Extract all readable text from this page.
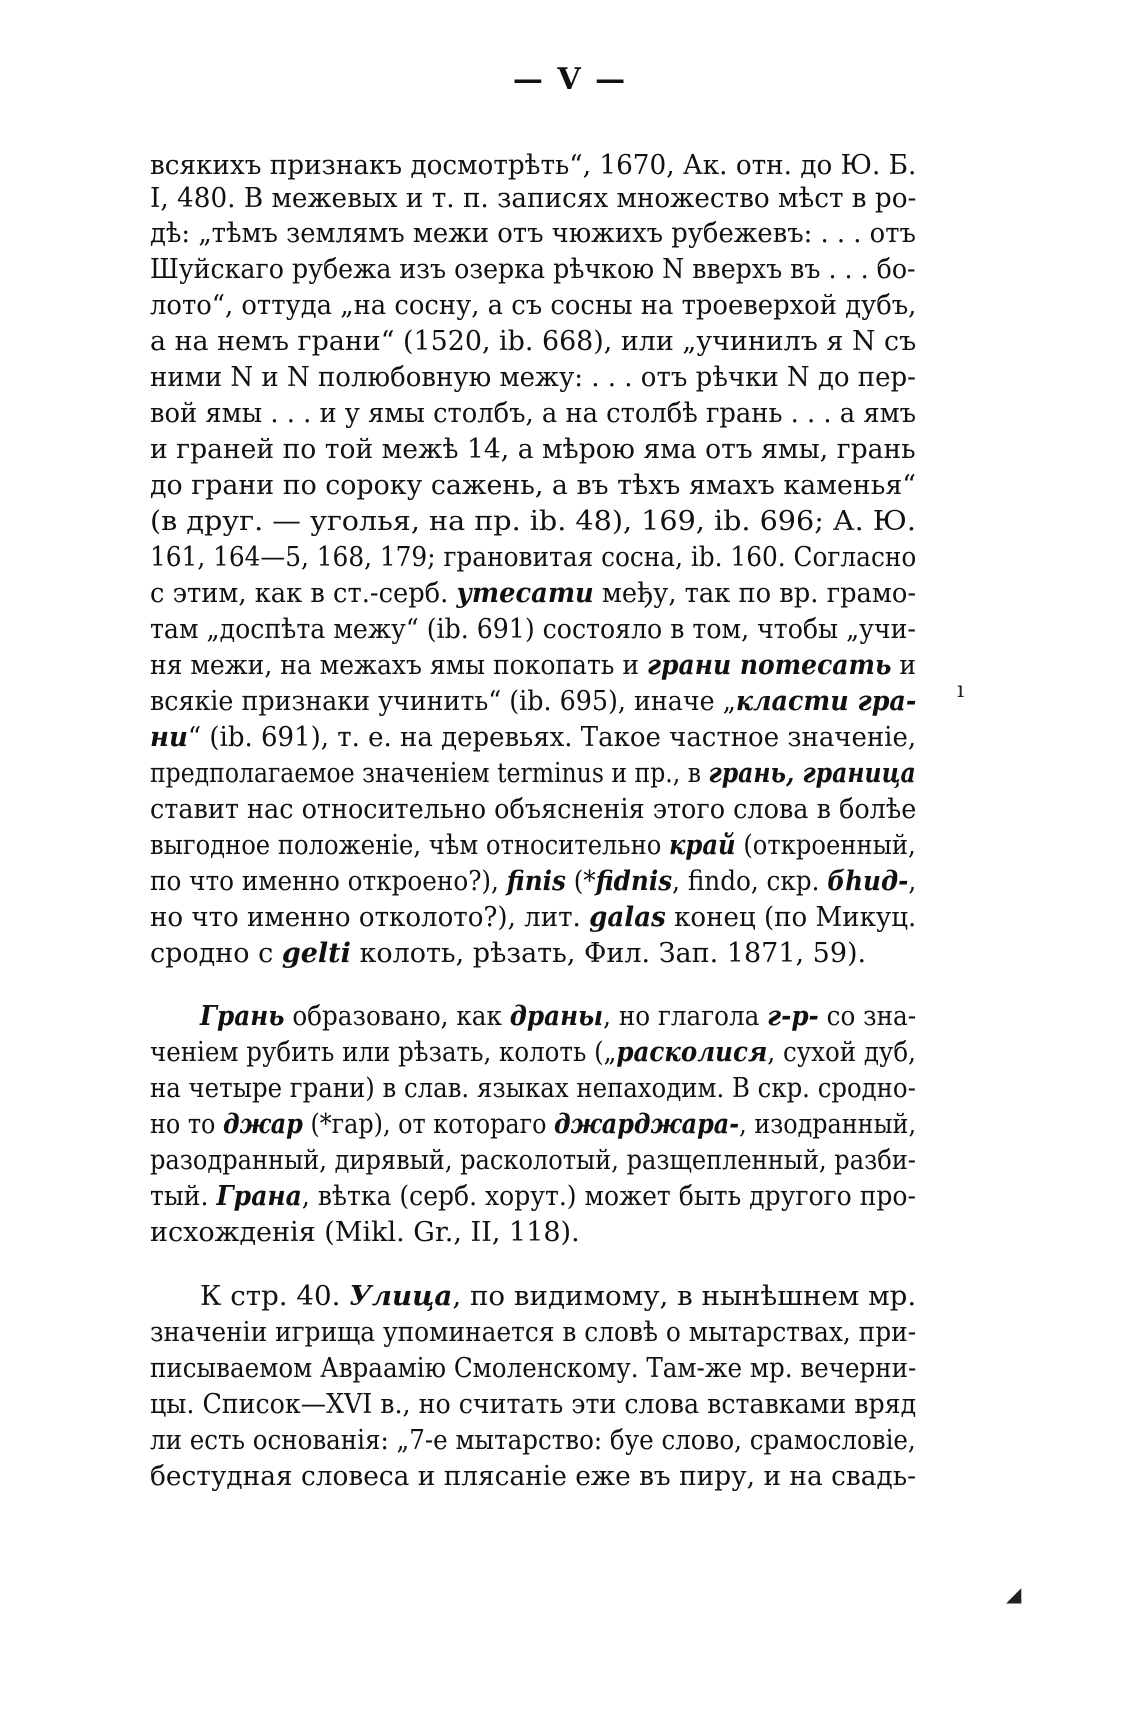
— V —
всякихъ признакъ досмотрѣть“, 1670, Ак. отн. до Ю. Б.
I, 480. В межевых и т. п. записях множество мѣст в ро-
дѣ: „тѣмъ землямъ межи отъ чюжихъ рубежевъ: . . . отъ
Шуйскаго рубежа изъ озерка рѣчкою N вверхъ въ . . . бо-
лото“, оттуда „на сосну, а съ сосны на троеверхой дубъ,
а на немъ грани“ (1520, ib. 668), или „учинилъ я N съ
ними N и N полюбовную межу: . . . отъ рѣчки N до пер-
вой ямы . . . и у ямы столбъ, а на столбѣ грань . . . а ямъ
и граней по той межѣ 14, а мѣрою яма отъ ямы, грань
до грани по сороку сажень, а въ тѣхъ ямахъ каменья“
(в друг. — уголья, на пр. ib. 48), 169, ib. 696; А. Ю.
161, 164—5, 168, 179; грановитая сосна, ib. 160. Согласно
с этим, как в ст.-серб. утесати међу, так по вр. грамо-
там „доспѣта межу“ (ib. 691) состояло в том, чтобы „учи-
ня межи, на межахъ ямы покопать и грани потесать и
всякіе признаки учинить“ (ib. 695), иначе „класти гра-
ни“ (ib. 691), т. е. на деревьях. Такое частное значеніе,
предполагаемое значеніем terminus и пр., в грань, граница
ставит нас относительно объясненія этого слова в болѣе
выгодное положеніе, чѣм относительно край (откроенный,
по что именно откроено?), finis (*fidnis, findo, скр. бhид-,
но что именно отколото?), лит. galas конец (по Микуц.
сродно с gelti колоть, рѣзать, Фил. Зап. 1871, 59).
Грань образовано, как драны, но глагола г-р- со зна-
ченіем рубить или рѣзать, колоть („расколися, сухой дуб,
на четыре грани) в слав. языках непаходим. В скр. сродно-
но то джар (*гар), от котораго джарджара-, изодранный,
разодранный, дирявый, расколотый, разщепленный, разби-
тый. Грана, вѣтка (серб. хорут.) может быть другого про-
исхожденія (Mikl. Gr., II, 118).
К стр. 40. Улица, по видимому, в нынѣшнем мр.
значеніи игрища упоминается в словѣ о мытарствах, при-
писываемом Авраамію Смоленскому. Там-же мр. вечерни-
цы. Список—XVI в., но считать эти слова вставками вряд
ли есть основанія: „7-е мытарство: буе слово, срамословіе,
бестудная словеса и плясаніе еже въ пиру, и на свадь-
ı
◢
